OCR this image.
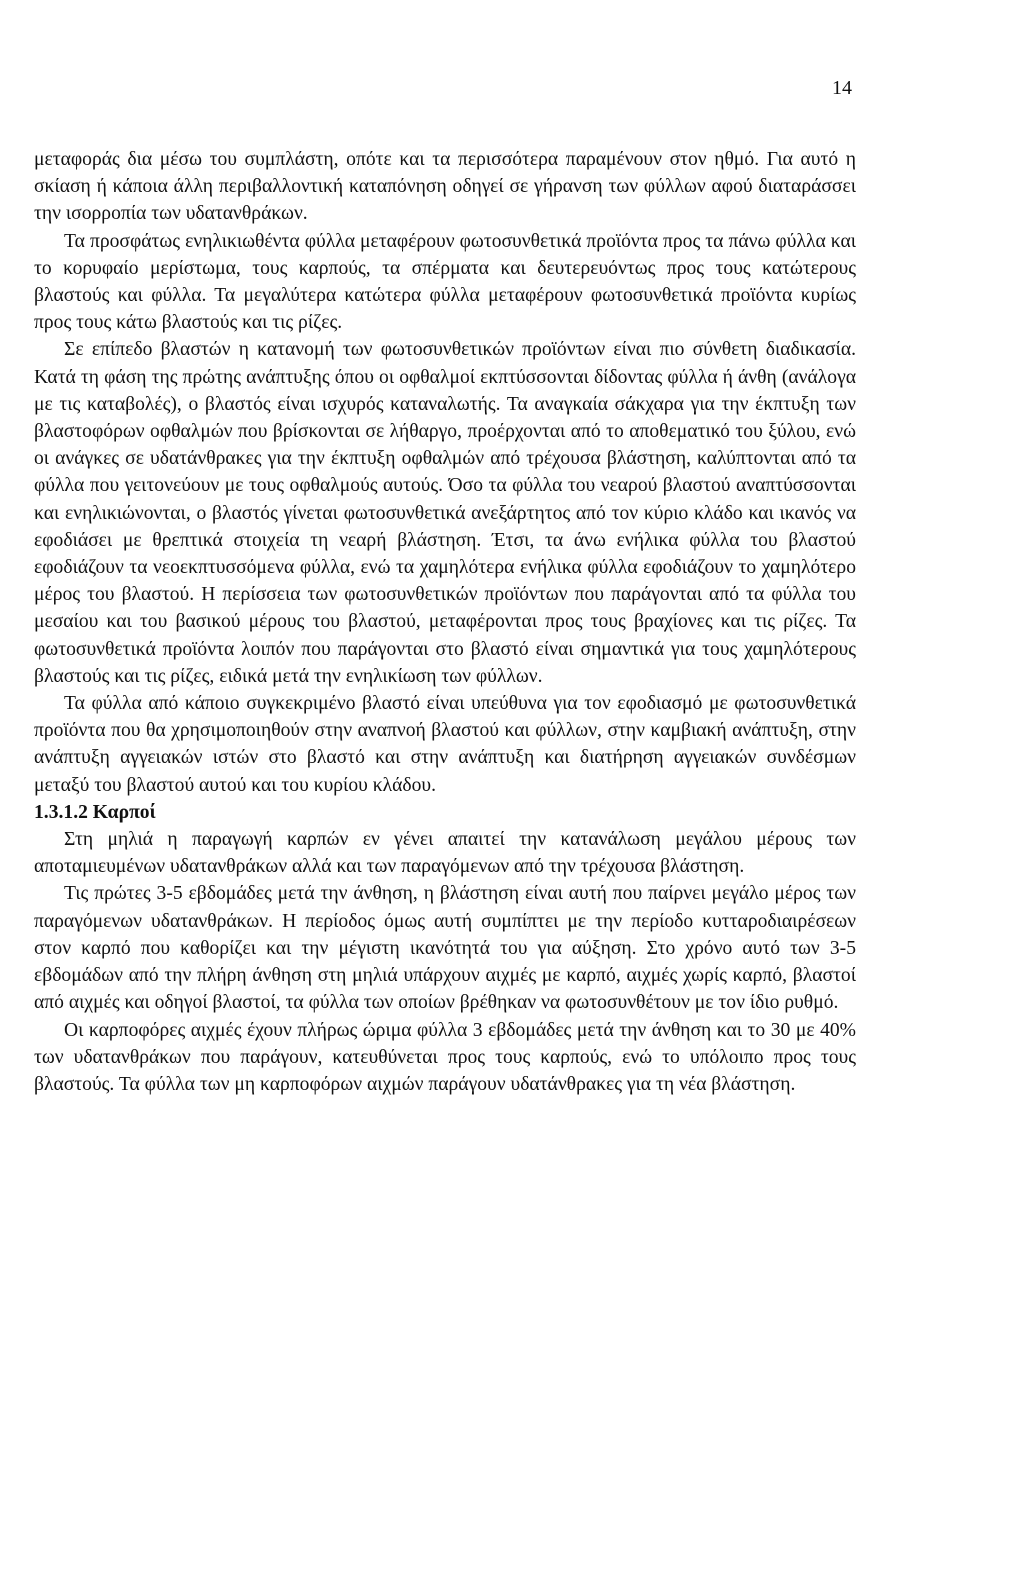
14

μεταφοράς δια μέσω του συμπλάστη, οπότε και τα περισσότερα παραμένουν στον ηθμό. Για αυτό η σκίαση ή κάποια άλλη περιβαλλοντική καταπόνηση οδηγεί σε γήρανση των φύλλων αφού διαταράσσει την ισορροπία των υδατανθράκων.

Τα προσφάτως ενηλικιωθέντα φύλλα μεταφέρουν φωτοσυνθετικά προϊόντα προς τα πάνω φύλλα και το κορυφαίο μερίστωμα, τους καρπούς, τα σπέρματα και δευτερευόντως προς τους κατώτερους βλαστούς και φύλλα. Τα μεγαλύτερα κατώτερα φύλλα μεταφέρουν φωτοσυνθετικά προϊόντα κυρίως προς τους κάτω βλαστούς και τις ρίζες.

Σε επίπεδο βλαστών η κατανομή των φωτοσυνθετικών προϊόντων είναι πιο σύνθετη διαδικασία. Κατά τη φάση της πρώτης ανάπτυξης όπου οι οφθαλμοί εκπτύσσονται δίδοντας φύλλα ή άνθη (ανάλογα με τις καταβολές), ο βλαστός είναι ισχυρός καταναλωτής. Τα αναγκαία σάκχαρα για την έκπτυξη των βλαστοφόρων οφθαλμών που βρίσκονται σε λήθαργο, προέρχονται από το αποθεματικό του ξύλου, ενώ οι ανάγκες σε υδατάνθρακες για την έκπτυξη οφθαλμών από τρέχουσα βλάστηση, καλύπτονται από τα φύλλα που γειτονεύουν με τους οφθαλμούς αυτούς. Όσο τα φύλλα του νεαρού βλαστού αναπτύσσονται και ενηλικιώνονται, ο βλαστός γίνεται φωτοσυνθετικά ανεξάρτητος από τον κύριο κλάδο και ικανός να εφοδιάσει με θρεπτικά στοιχεία τη νεαρή βλάστηση. Έτσι, τα άνω ενήλικα φύλλα του βλαστού εφοδιάζουν τα νεοεκπτυσσόμενα φύλλα, ενώ τα χαμηλότερα ενήλικα φύλλα εφοδιάζουν το χαμηλότερο μέρος του βλαστού. Η περίσσεια των φωτοσυνθετικών προϊόντων που παράγονται από τα φύλλα του μεσαίου και του βασικού μέρους του βλαστού, μεταφέρονται προς τους βραχίονες και τις ρίζες. Τα φωτοσυνθετικά προϊόντα λοιπόν που παράγονται στο βλαστό είναι σημαντικά για τους χαμηλότερους βλαστούς και τις ρίζες, ειδικά μετά την ενηλικίωση των φύλλων.

Τα φύλλα από κάποιο συγκεκριμένο βλαστό είναι υπεύθυνα για τον εφοδιασμό με φωτοσυνθετικά προϊόντα που θα χρησιμοποιηθούν στην αναπνοή βλαστού και φύλλων, στην καμβιακή ανάπτυξη, στην ανάπτυξη αγγειακών ιστών στο βλαστό και στην ανάπτυξη και διατήρηση αγγειακών συνδέσμων μεταξύ του βλαστού αυτού και του κυρίου κλάδου.

1.3.1.2 Καρποί

Στη μηλιά η παραγωγή καρπών εν γένει απαιτεί την κατανάλωση μεγάλου μέρους των αποταμιευμένων υδατανθράκων αλλά και των παραγόμενων από την τρέχουσα βλάστηση.

Τις πρώτες 3-5 εβδομάδες μετά την άνθηση, η βλάστηση είναι αυτή που παίρνει μεγάλο μέρος των παραγόμενων υδατανθράκων. Η περίοδος όμως αυτή συμπίπτει με την περίοδο κυτταροδιαιρέσεων στον καρπό που καθορίζει και την μέγιστη ικανότητά του για αύξηση. Στο χρόνο αυτό των 3-5 εβδομάδων από την πλήρη άνθηση στη μηλιά υπάρχουν αιχμές με καρπό, αιχμές χωρίς καρπό, βλαστοί από αιχμές και οδηγοί βλαστοί, τα φύλλα των οποίων βρέθηκαν να φωτοσυνθέτουν με τον ίδιο ρυθμό.

Οι καρποφόρες αιχμές έχουν πλήρως ώριμα φύλλα 3 εβδομάδες μετά την άνθηση και το 30 με 40% των υδατανθράκων που παράγουν, κατευθύνεται προς τους καρπούς, ενώ το υπόλοιπο προς τους βλαστούς. Τα φύλλα των μη καρποφόρων αιχμών παράγουν υδατάνθρακες για τη νέα βλάστηση.
